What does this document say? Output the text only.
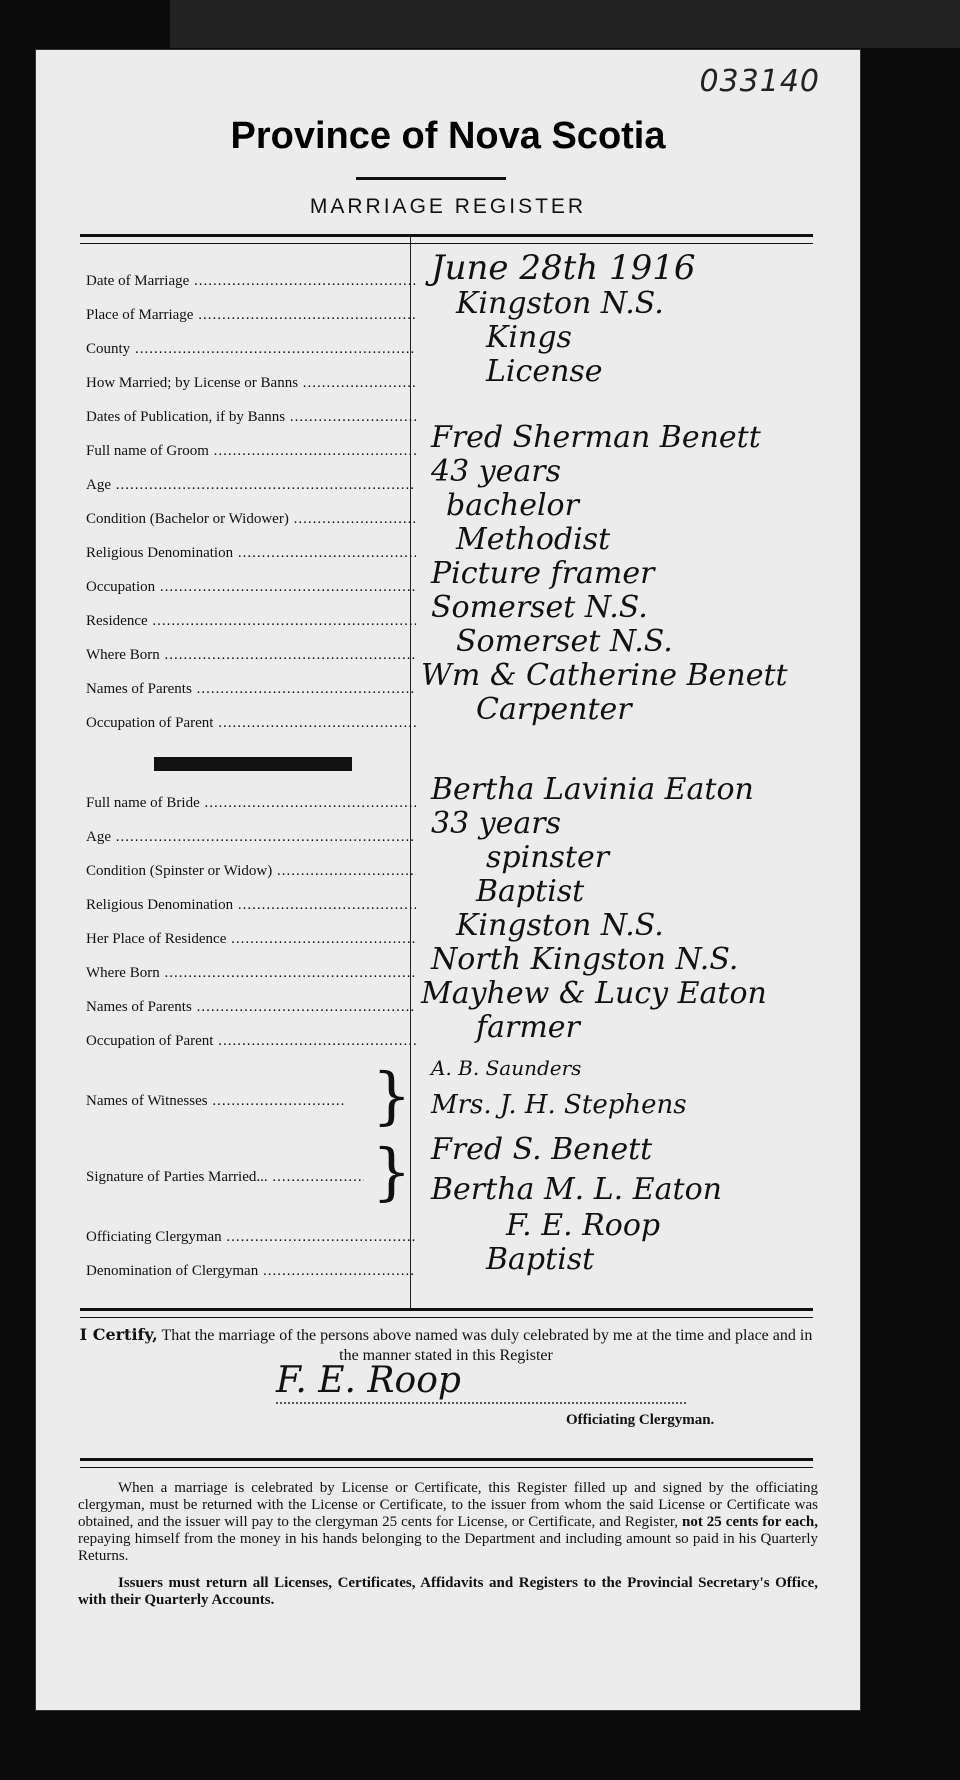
033140
Province of Nova Scotia
MARRIAGE REGISTER
Date of Marriage .....	June 28th 1916
Place of Marriage .....	Kingston N.S.
County .....	Kings
How Married; by License or Banns .....	License
Dates of Publication, if by Banns .....
Full name of Groom .....	Fred Sherman Benett
Age .....	43 years
Condition (Bachelor or Widower) .....	bachelor
Religious Denomination .....	Methodist
Occupation .....	Picture framer
Residence .....	Somerset N.S.
Where Born .....	Somerset N.S.
Names of Parents .....	Wm & Catherine Benett
Occupation of Parent .....	Carpenter
Full name of Bride .....	Bertha Lavinia Eaton
Age .....	33 years
Condition (Spinster or Widow) .....	spinster
Religious Denomination .....	Baptist
Her Place of Residence .....	Kingston N.S.
Where Born .....	North Kingston N.S.
Names of Parents .....	Mayhew & Lucy Eaton
Occupation of Parent .....	farmer
Names of Witnesses .....	} A. B. Saunders
Mrs. J. H. Stephens
Signature of Parties Married... .....	} Fred S. Benett
Bertha M. L. Eaton
Officiating Clergyman .....	F. E. Roop
Denomination of Clergyman .....	Baptist
I Certify, That the marriage of the persons above named was duly celebrated by me at the time and place and in the manner stated in this Register
F. E. Roop
Officiating Clergyman.

When a marriage is celebrated by License or Certificate, this Register filled up and signed by the officiating clergyman, must be returned with the License or Certificate, to the issuer from whom the said License or Certificate was obtained, and the issuer will pay to the clergyman 25 cents for License, or Certificate, and Register, not 25 cents for each, repaying himself from the money in his hands belonging to the Department and including amount so paid in his Quarterly Returns.

Issuers must return all Licenses, Certificates, Affidavits and Registers to the Provincial Secretary's Office, with their Quarterly Accounts.
